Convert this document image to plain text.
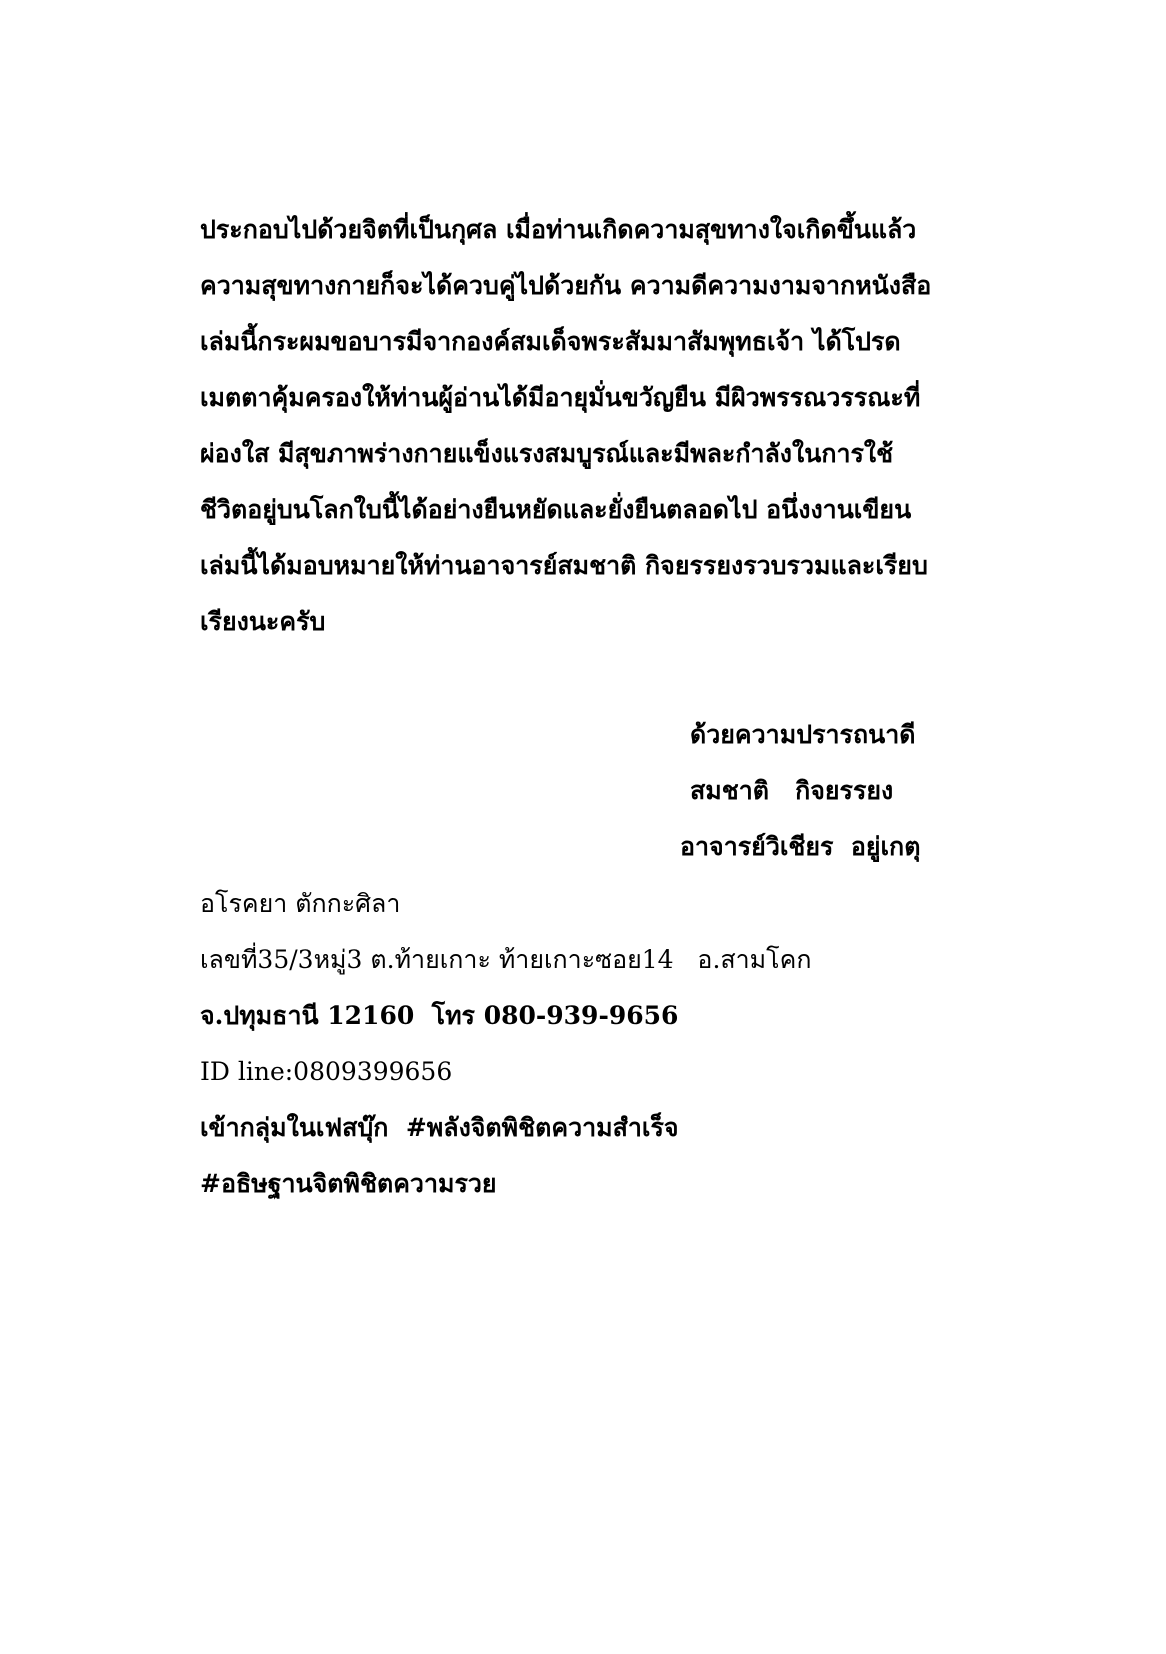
ประกอบไปด้วยจิตที่เป็นกุศล เมื่อท่านเกิดความสุขทางใจเกิดขึ้นแล้ว
ความสุขทางกายก็จะได้ควบคู่ไปด้วยกัน ความดีความงามจากหนังสือ
เล่มนี้กระผมขอบารมีจากองค์สมเด็จพระสัมมาสัมพุทธเจ้า ได้โปรด
เมตตาคุ้มครองให้ท่านผู้อ่านได้มีอายุมั่นขวัญยืน มีผิวพรรณวรรณะที่
ผ่องใส มีสุขภาพร่างกายแข็งแรงสมบูรณ์และมีพละกำลังในการใช้
ชีวิตอยู่บนโลกใบนี้ได้อย่างยืนหยัดและยั่งยืนตลอดไป อนึ่งงานเขียน
เล่มนี้ได้มอบหมายให้ท่านอาจารย์สมชาติ กิจยรรยงรวบรวมและเรียบ
เรียงนะครับ
ด้วยความปรารถนาดี
สมชาติ   กิจยรรยง
อาจารย์วิเชียร  อยู่เกตุ
อโรคยา ตักกะศิลา
เลขที่35/3หมู่3 ต.ท้ายเกาะ ท้ายเกาะซอย14   อ.สามโคก
จ.ปทุมธานี 12160  โทร 080-939-9656
ID line:0809399656
เข้ากลุ่มในเฟสบุ๊ก  #พลังจิตพิชิตความสำเร็จ
#อธิษฐานจิตพิชิตความรวย
